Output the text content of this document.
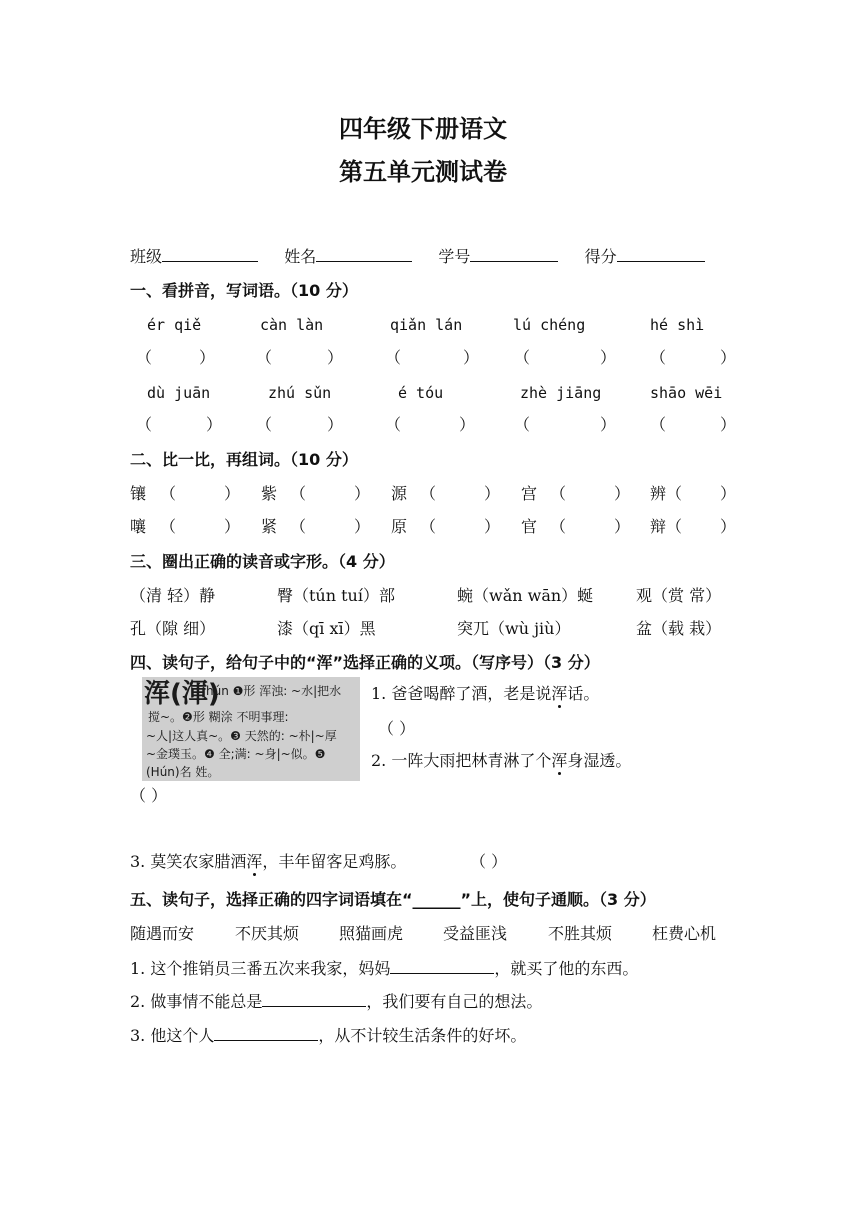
四年级下册语文
第五单元测试卷
班级	姓名	学号	得分
一、看拼音，写词语。（10 分）
ér qiě	càn làn	qiǎn lán	lú chéng	hé shì
（	）	（	）	（	） （	） （	）
dù juān	zhú sǔn	é tóu	zhè jiāng	shāo wēi
（	） （	）	（	） （	） （	）
二、比一比，再组词。（10 分）
镶 （	） 紫 （	） 源 （	） 宫 （	） 辨 （ ）
嚷 （	） 紧 （	） 原 （	） 官 （	） 辩 （ ）
三、圈出正确的读音或字形。（4 分）
（清 轻）静	臀（tún tuí）部	蜿（wǎn wān）蜒	观（赏 常）
孔（隙 细）	漆（qī xī）黑	突兀（wù jiù）	盆（载 栽）
四、读句子，给句子中的“浑”选择正确的义项。（写序号）（3 分）
浑(渾)
hún ❶形 浑浊: ~水|把水
搅~。❷形 糊涂 不明事理:
~人|这人真~。❸ 天然的: ~朴|~厚
~金璞玉。❹ 全;满: ~身|~似。❺
(Hún)名 姓。
1. 爸爸喝醉了酒，老是说浑话。
（ ）
2. 一阵大雨把林青淋了个浑身湿透。
（ ）
3. 莫笑农家腊酒浑，丰年留客足鸡豚。	（ ）
五、读句子，选择正确的四字词语填在“______”上，使句子通顺。（3 分）
随遇而安	不厌其烦 照猫画虎 受益匪浅	不胜其烦 枉费心机
1. 这个推销员三番五次来我家，妈妈	，就买了他的东西。
2. 做事情不能总是	，我们要有自己的想法。
3. 他这个人	，从不计较生活条件的好坏。
